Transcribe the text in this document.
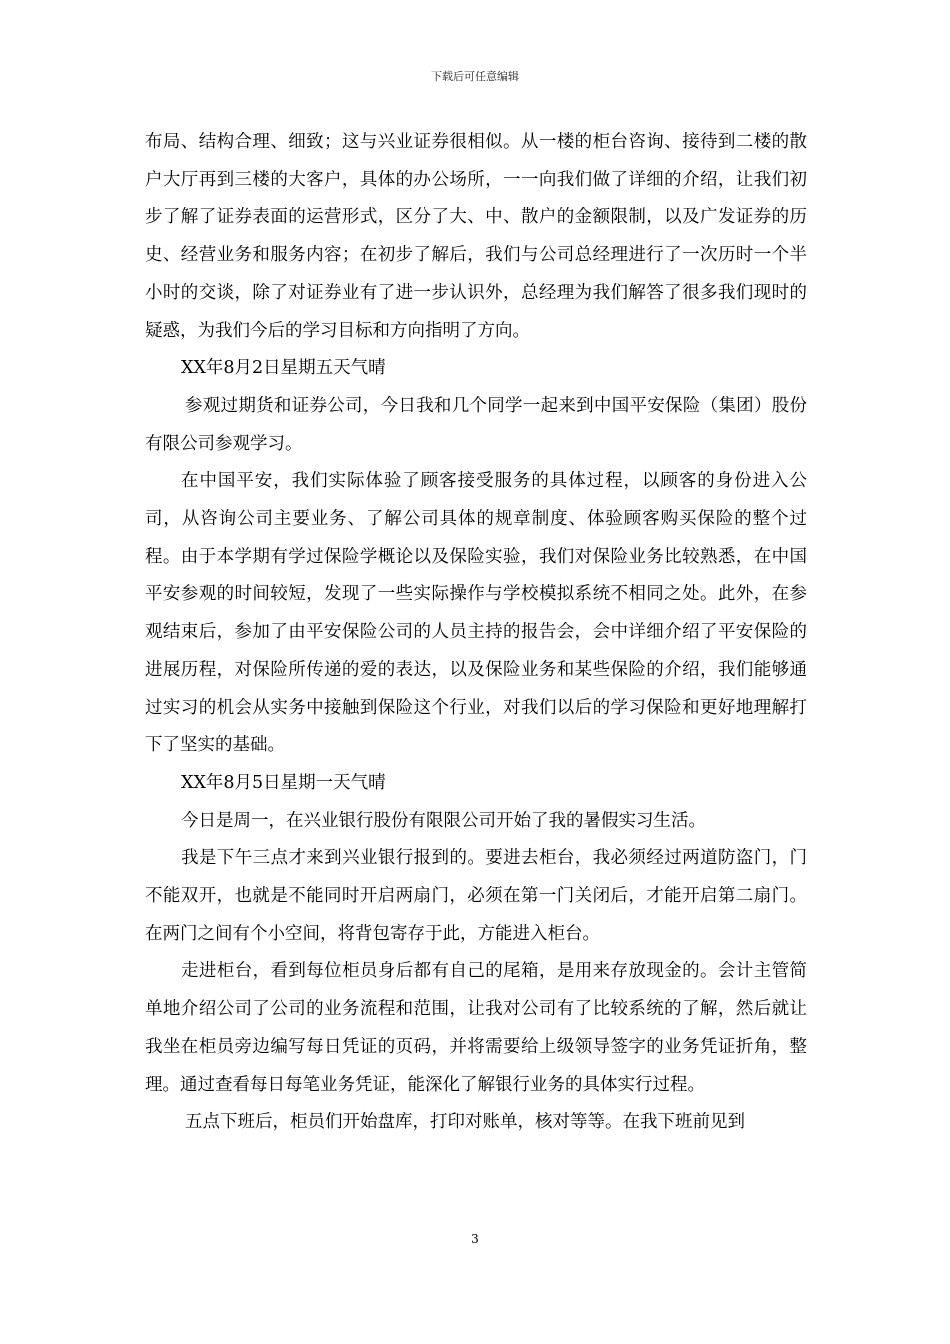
下载后可任意编辑

布局、结构合理、细致；这与兴业证券很相似。从一楼的柜台咨询、接待到二楼的散户大厅再到三楼的大客户，具体的办公场所，一一向我们做了详细的介绍，让我们初步了解了证券表面的运营形式，区分了大、中、散户的金额限制，以及广发证券的历史、经营业务和服务内容；在初步了解后，我们与公司总经理进行了一次历时一个半小时的交谈，除了对证券业有了进一步认识外，总经理为我们解答了很多我们现时的疑惑，为我们今后的学习目标和方向指明了方向。

XX年8月2日星期五天气晴

参观过期货和证券公司，今日我和几个同学一起来到中国平安保险（集团）股份有限公司参观学习。

在中国平安，我们实际体验了顾客接受服务的具体过程，以顾客的身份进入公司，从咨询公司主要业务、了解公司具体的规章制度、体验顾客购买保险的整个过程。由于本学期有学过保险学概论以及保险实验，我们对保险业务比较熟悉，在中国平安参观的时间较短，发现了一些实际操作与学校模拟系统不相同之处。此外，在参观结束后，参加了由平安保险公司的人员主持的报告会，会中详细介绍了平安保险的进展历程，对保险所传递的爱的表达，以及保险业务和某些保险的介绍，我们能够通过实习的机会从实务中接触到保险这个行业，对我们以后的学习保险和更好地理解打下了坚实的基础。

XX年8月5日星期一天气晴

今日是周一，在兴业银行股份有限限公司开始了我的暑假实习生活。

我是下午三点才来到兴业银行报到的。要进去柜台，我必须经过两道防盗门，门不能双开，也就是不能同时开启两扇门，必须在第一门关闭后，才能开启第二扇门。在两门之间有个小空间，将背包寄存于此，方能进入柜台。

走进柜台，看到每位柜员身后都有自己的尾箱，是用来存放现金的。会计主管简单地介绍公司了公司的业务流程和范围，让我对公司有了比较系统的了解，然后就让我坐在柜员旁边编写每日凭证的页码，并将需要给上级领导签字的业务凭证折角，整理。通过查看每日每笔业务凭证，能深化了解银行业务的具体实行过程。

五点下班后，柜员们开始盘库，打印对账单，核对等等。在我下班前见到

3
